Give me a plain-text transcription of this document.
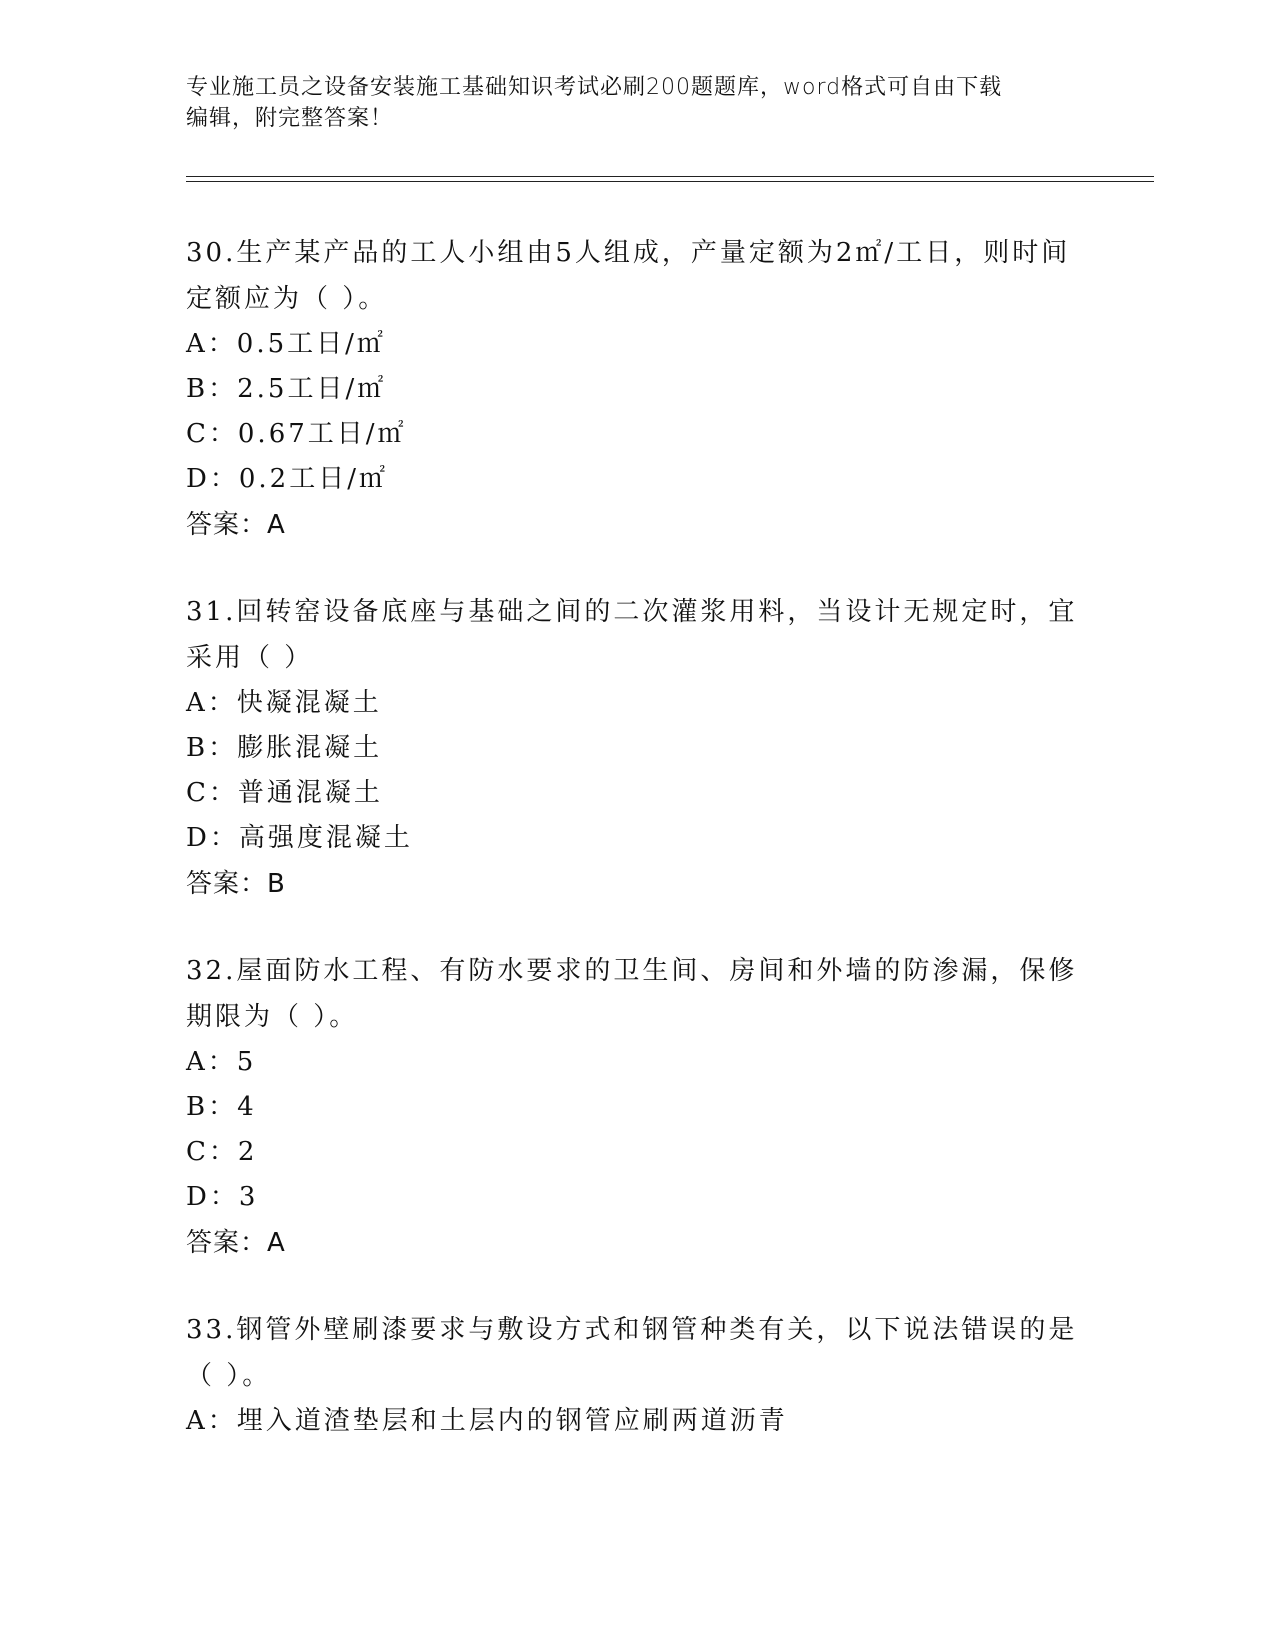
专业施工员之设备安装施工基础知识考试必刷200题题库，word格式可自由下载
编辑，附完整答案！
30.生产某产品的工人小组由5人组成，产量定额为2㎡/工日，则时间
定额应为（ ）。
A：0.5工日/㎡
B：2.5工日/㎡
C：0.67工日/㎡
D：0.2工日/㎡
答案：A
31.回转窑设备底座与基础之间的二次灌浆用料，当设计无规定时，宜
采用（ ）
A：快凝混凝土
B：膨胀混凝土
C：普通混凝土
D：高强度混凝土
答案：B
32.屋面防水工程、有防水要求的卫生间、房间和外墙的防渗漏，保修
期限为（ ）。
A：5
B：4
C：2
D：3
答案：A
33.钢管外壁刷漆要求与敷设方式和钢管种类有关，以下说法错误的是
（ ）。
A：埋入道渣垫层和土层内的钢管应刷两道沥青
